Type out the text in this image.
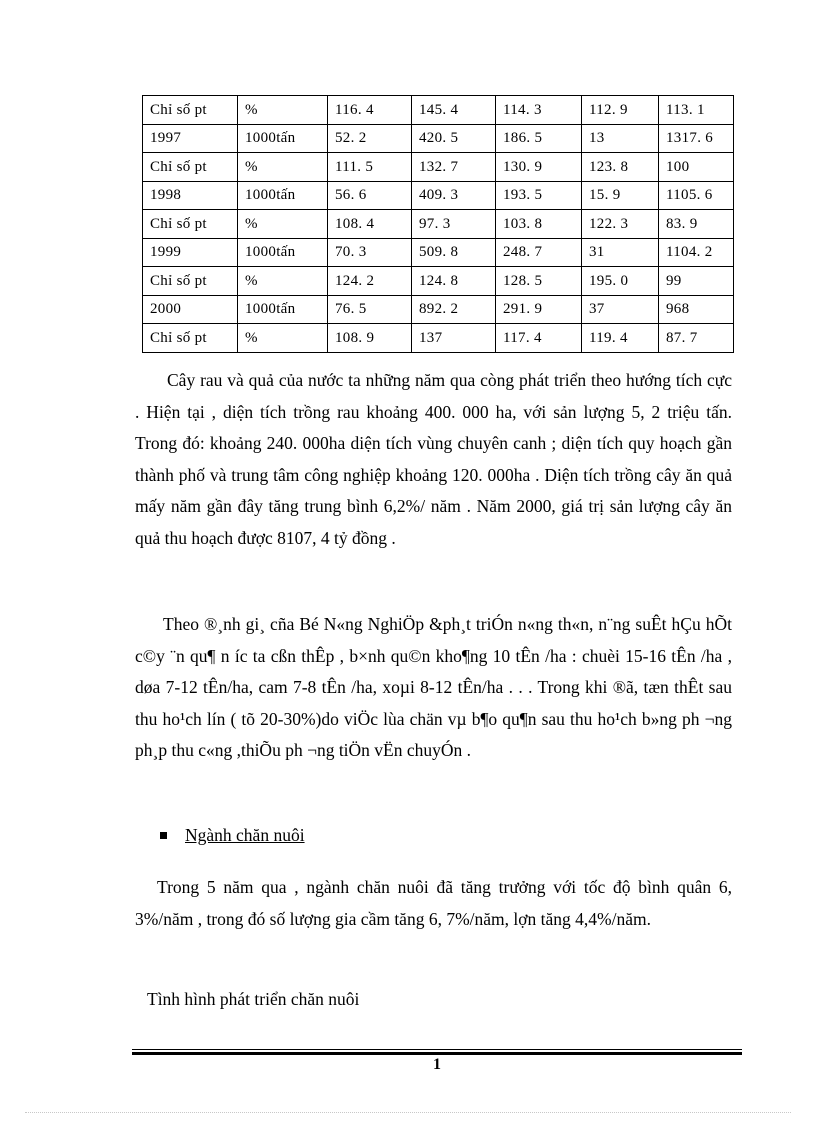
Chỉ số pt	%	116. 4	145. 4	114. 3	112. 9	113. 1
1997	1000tấn	52. 2	420. 5	186. 5	13	1317. 6
Chỉ số pt	%	111. 5	132. 7	130. 9	123. 8	100
1998	1000tấn	56. 6	409. 3	193. 5	15. 9	1105. 6
Chỉ số pt	%	108. 4	97. 3	103. 8	122. 3	83. 9
1999	1000tấn	70. 3	509. 8	248. 7	31	1104. 2
Chỉ số pt	%	124. 2	124. 8	128. 5	195. 0	99
2000	1000tấn	76. 5	892. 2	291. 9	37	968
Chỉ số pt	%	108. 9	137	117. 4	119. 4	87. 7

Cây rau và quả của nước ta những năm qua còng phát triển theo hướng tích cực . Hiện tại , diện tích trồng rau khoảng 400. 000 ha, với sản lượng 5, 2 triệu tấn. Trong đó: khoảng 240. 000ha diện tích vùng chuyên canh ; diện tích quy hoạch gần thành phố và trung tâm công nghiệp khoảng 120. 000ha . Diện tích trồng cây ăn quả mấy năm gần đây tăng trung bình 6,2%/ năm . Năm 2000, giá trị sản lượng cây ăn quả thu hoạch được 8107, 4 tỷ đồng .

Theo ®¸nh gi¸ cña Bé N«ng NghiÖp &ph¸t triÓn n«ng th«n, n¨ng suÊt hÇu hÕt c©y ¨n qu¶ n íc ta cßn thÊp , b×nh qu©n kho¶ng 10 tÊn /ha : chuèi 15-16 tÊn /ha , døa 7-12 tÊn/ha, cam 7-8 tÊn /ha, xoµi 8-12 tÊn/ha . . . Trong khi ®ã, tæn thÊt sau thu ho¹ch lín ( tõ 20-30%)do viÖc lùa chän vµ b¶o qu¶n sau thu ho¹ch b»ng ph ¬ng ph¸p thu c«ng ,thiÕu ph ¬ng tiÖn vËn chuyÓn .

Ngành chăn nuôi

Trong 5 năm qua , ngành chăn nuôi đã tăng trưởng với tốc độ bình quân 6, 3%/năm , trong đó số lượng gia cầm tăng 6, 7%/năm, lợn tăng 4,4%/năm.

Tình hình phát triển chăn nuôi

1
